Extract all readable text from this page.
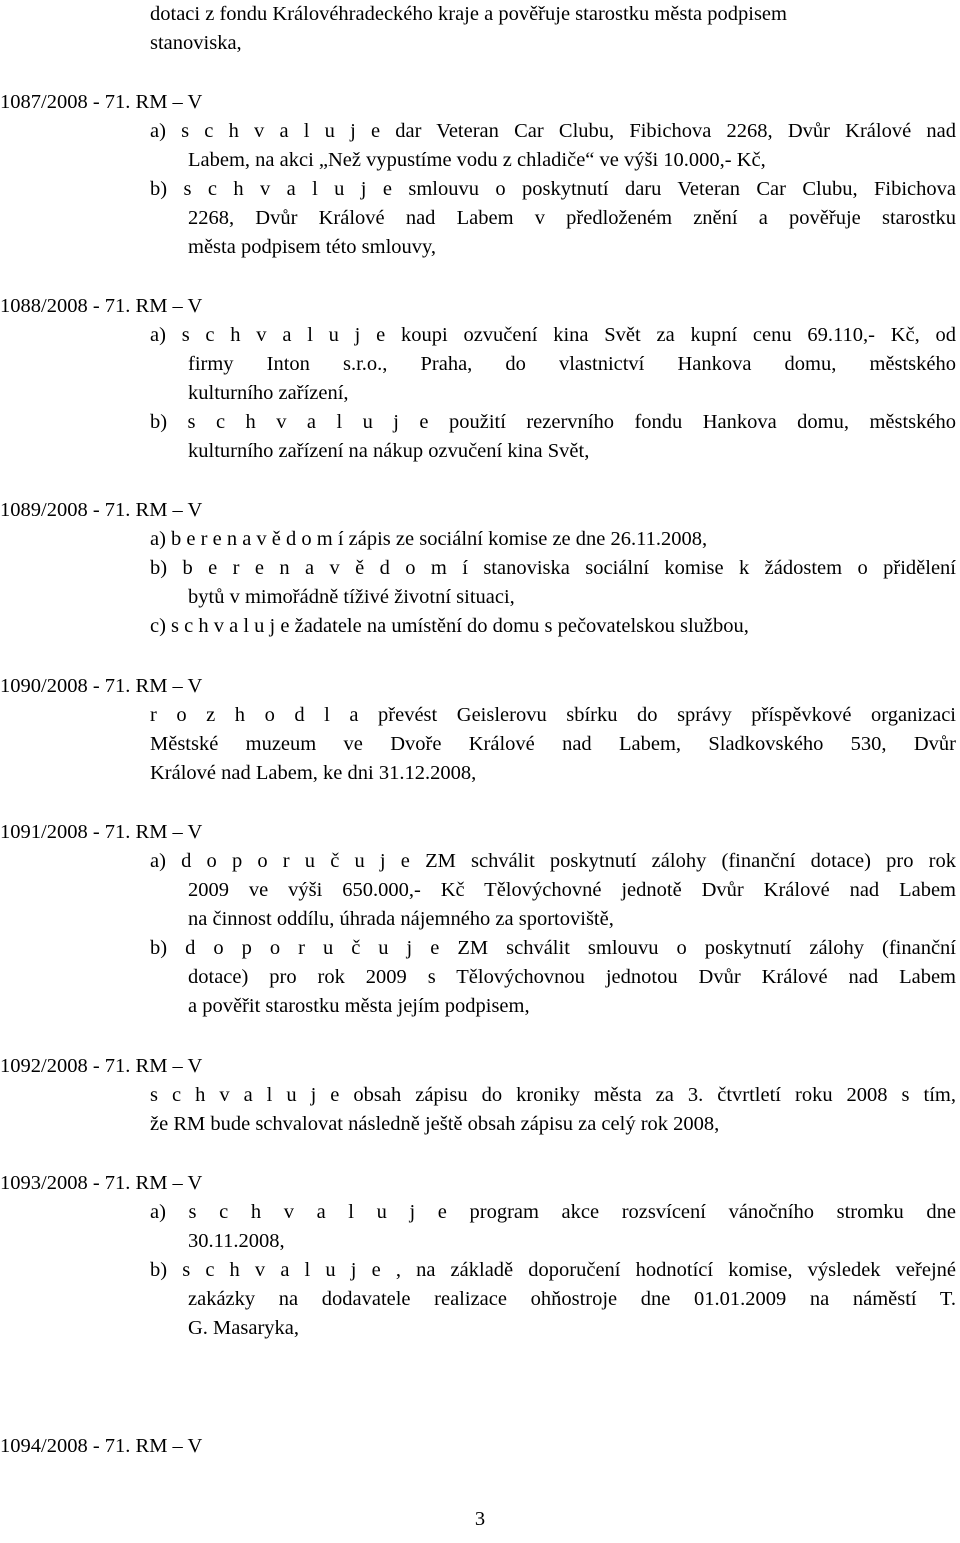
dotaci z fondu Královéhradeckého kraje a pověřuje starostku města podpisem
stanoviska,
1087/2008 - 71. RM – V
a) s c h v a l u j e dar Veteran Car Clubu, Fibichova 2268, Dvůr Králové nad
Labem, na akci „Než vypustíme vodu z chladiče“ ve výši 10.000,- Kč,
b) s c h v a l u j e smlouvu o poskytnutí daru Veteran Car Clubu, Fibichova
2268, Dvůr Králové nad Labem v předloženém znění a pověřuje starostku
města podpisem této smlouvy,
1088/2008 - 71. RM – V
a) s c h v a l u j e koupi ozvučení kina Svět za kupní cenu 69.110,- Kč, od
firmy Inton s.r.o., Praha, do vlastnictví Hankova domu, městského
kulturního zařízení,
b) s c h v a l u j e použití rezervního fondu Hankova domu, městského
kulturního zařízení na nákup ozvučení kina Svět,
1089/2008 - 71. RM – V
a) b e r e n a v ě d o m í zápis ze sociální komise ze dne 26.11.2008,
b) b e r e n a v ě d o m í stanoviska sociální komise k žádostem o přidělení
bytů v mimořádně tíživé životní situaci,
c) s c h v a l u j e žadatele na umístění do domu s pečovatelskou službou,
1090/2008 - 71. RM – V
r o z h o d l a převést Geislerovu sbírku do správy příspěvkové organizaci
Městské muzeum ve Dvoře Králové nad Labem, Sladkovského 530, Dvůr
Králové nad Labem, ke dni 31.12.2008,
1091/2008 - 71. RM – V
a) d o p o r u č u j e ZM schválit poskytnutí zálohy (finanční dotace) pro rok
2009 ve výši 650.000,- Kč Tělovýchovné jednotě Dvůr Králové nad Labem
na činnost oddílu, úhrada nájemného za sportoviště,
b) d o p o r u č u j e ZM schválit smlouvu o poskytnutí zálohy (finanční
dotace) pro rok 2009 s Tělovýchovnou jednotou Dvůr Králové nad Labem
a pověřit starostku města jejím podpisem,
1092/2008 - 71. RM – V
s c h v a l u j e obsah zápisu do kroniky města za 3. čtvrtletí roku 2008 s tím,
že RM bude schvalovat následně ještě obsah zápisu za celý rok 2008,
1093/2008 - 71. RM – V
a) s c h v a l u j e program akce rozsvícení vánočního stromku dne
30.11.2008,
b) s c h v a l u j e , na základě doporučení hodnotící komise, výsledek veřejné
zakázky na dodavatele realizace ohňostroje dne 01.01.2009 na náměstí T.
G. Masaryka,
1094/2008 - 71. RM – V
3
